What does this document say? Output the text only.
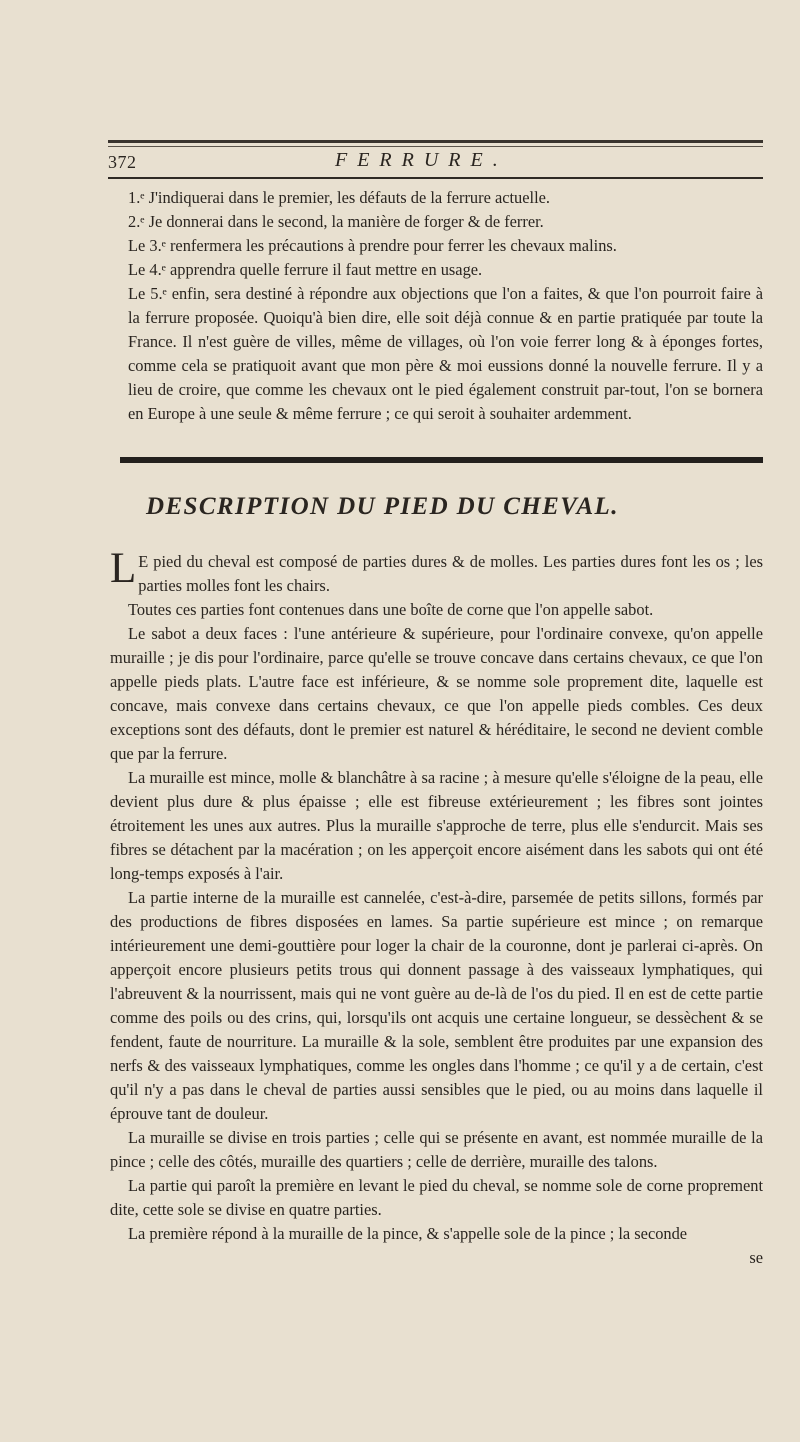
372	FERRURE.

1.ᵉ J'indiquerai dans le premier, les défauts de la ferrure actuelle.

2.ᵉ Je donnerai dans le second, la manière de forger & de ferrer.

Le 3.ᵉ renfermera les précautions à prendre pour ferrer les chevaux malins.

Le 4.ᵉ apprendra quelle ferrure il faut mettre en usage.

Le 5.ᵉ enfin, sera destiné à répondre aux objections que l'on a faites, & que l'on pourroit faire à la ferrure proposée. Quoiqu'à bien dire, elle soit déjà connue & en partie pratiquée par toute la France. Il n'est guère de villes, même de villages, où l'on voie ferrer long & à éponges fortes, comme cela se pratiquoit avant que mon père & moi eussions donné la nouvelle ferrure. Il y a lieu de croire, que comme les chevaux ont le pied également construit par-tout, l'on se bornera en Europe à une seule & même ferrure ; ce qui seroit à souhaiter ardemment.

DESCRIPTION DU PIED DU CHEVAL.

L E pied du cheval est composé de parties dures & de molles. Les parties dures font les os ; les parties molles font les chairs.

Toutes ces parties font contenues dans une boîte de corne que l'on appelle sabot.

Le sabot a deux faces : l'une antérieure & supérieure, pour l'ordinaire convexe, qu'on appelle muraille ; je dis pour l'ordinaire, parce qu'elle se trouve concave dans certains chevaux, ce que l'on appelle pieds plats. L'autre face est inférieure, & se nomme sole proprement dite, laquelle est concave, mais convexe dans certains chevaux, ce que l'on appelle pieds combles. Ces deux exceptions sont des défauts, dont le premier est naturel & héréditaire, le second ne devient comble que par la ferrure.

La muraille est mince, molle & blanchâtre à sa racine ; à mesure qu'elle s'éloigne de la peau, elle devient plus dure & plus épaisse ; elle est fibreuse extérieurement ; les fibres sont jointes étroitement les unes aux autres. Plus la muraille s'approche de terre, plus elle s'endurcit. Mais ses fibres se détachent par la macération ; on les apperçoit encore aisément dans les sabots qui ont été long-temps exposés à l'air.

La partie interne de la muraille est cannelée, c'est-à-dire, parsemée de petits sillons, formés par des productions de fibres disposées en lames. Sa partie supérieure est mince ; on remarque intérieurement une demi-gouttière pour loger la chair de la couronne, dont je parlerai ci-après. On apperçoit encore plusieurs petits trous qui donnent passage à des vaisseaux lymphatiques, qui l'abreuvent & la nourrissent, mais qui ne vont guère au de-là de l'os du pied. Il en est de cette partie comme des poils ou des crins, qui, lorsqu'ils ont acquis une certaine longueur, se dessèchent & se fendent, faute de nourriture. La muraille & la sole, semblent être produites par une expansion des nerfs & des vaisseaux lymphatiques, comme les ongles dans l'homme ; ce qu'il y a de certain, c'est qu'il n'y a pas dans le cheval de parties aussi sensibles que le pied, ou au moins dans laquelle il éprouve tant de douleur.

La muraille se divise en trois parties ; celle qui se présente en avant, est nommée muraille de la pince ; celle des côtés, muraille des quartiers ; celle de derrière, muraille des talons.

La partie qui paroît la première en levant le pied du cheval, se nomme sole de corne proprement dite, cette sole se divise en quatre parties.

La première répond à la muraille de la pince, & s'appelle sole de la pince ; la seconde

se
